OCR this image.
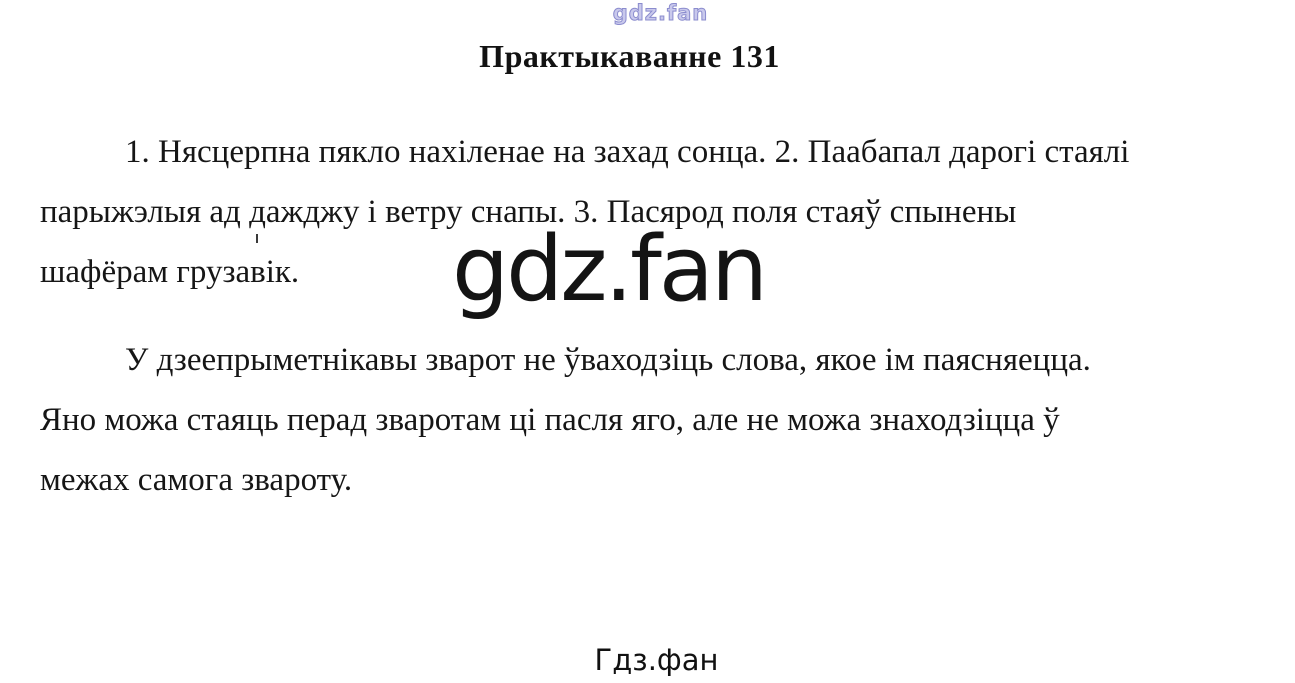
gdz.fan
Практыкаванне 131
1. Нясцерпна пякло нахіленае на захад сонца. 2. Паабапал дарогі стаялі
парыжэлыя ад дажджу і ветру снапы. 3. Пасярод поля стаяў спынены
шафёрам грузавік.	gdz.fan
У дзеепрыметнікавы зварот не ўваходзіць слова, якое ім паясняецца.
Яно можа стаяць перад зваротам ці пасля яго, але не можа знаходзіцца ў
межах самога звароту.
Гдз.фан
